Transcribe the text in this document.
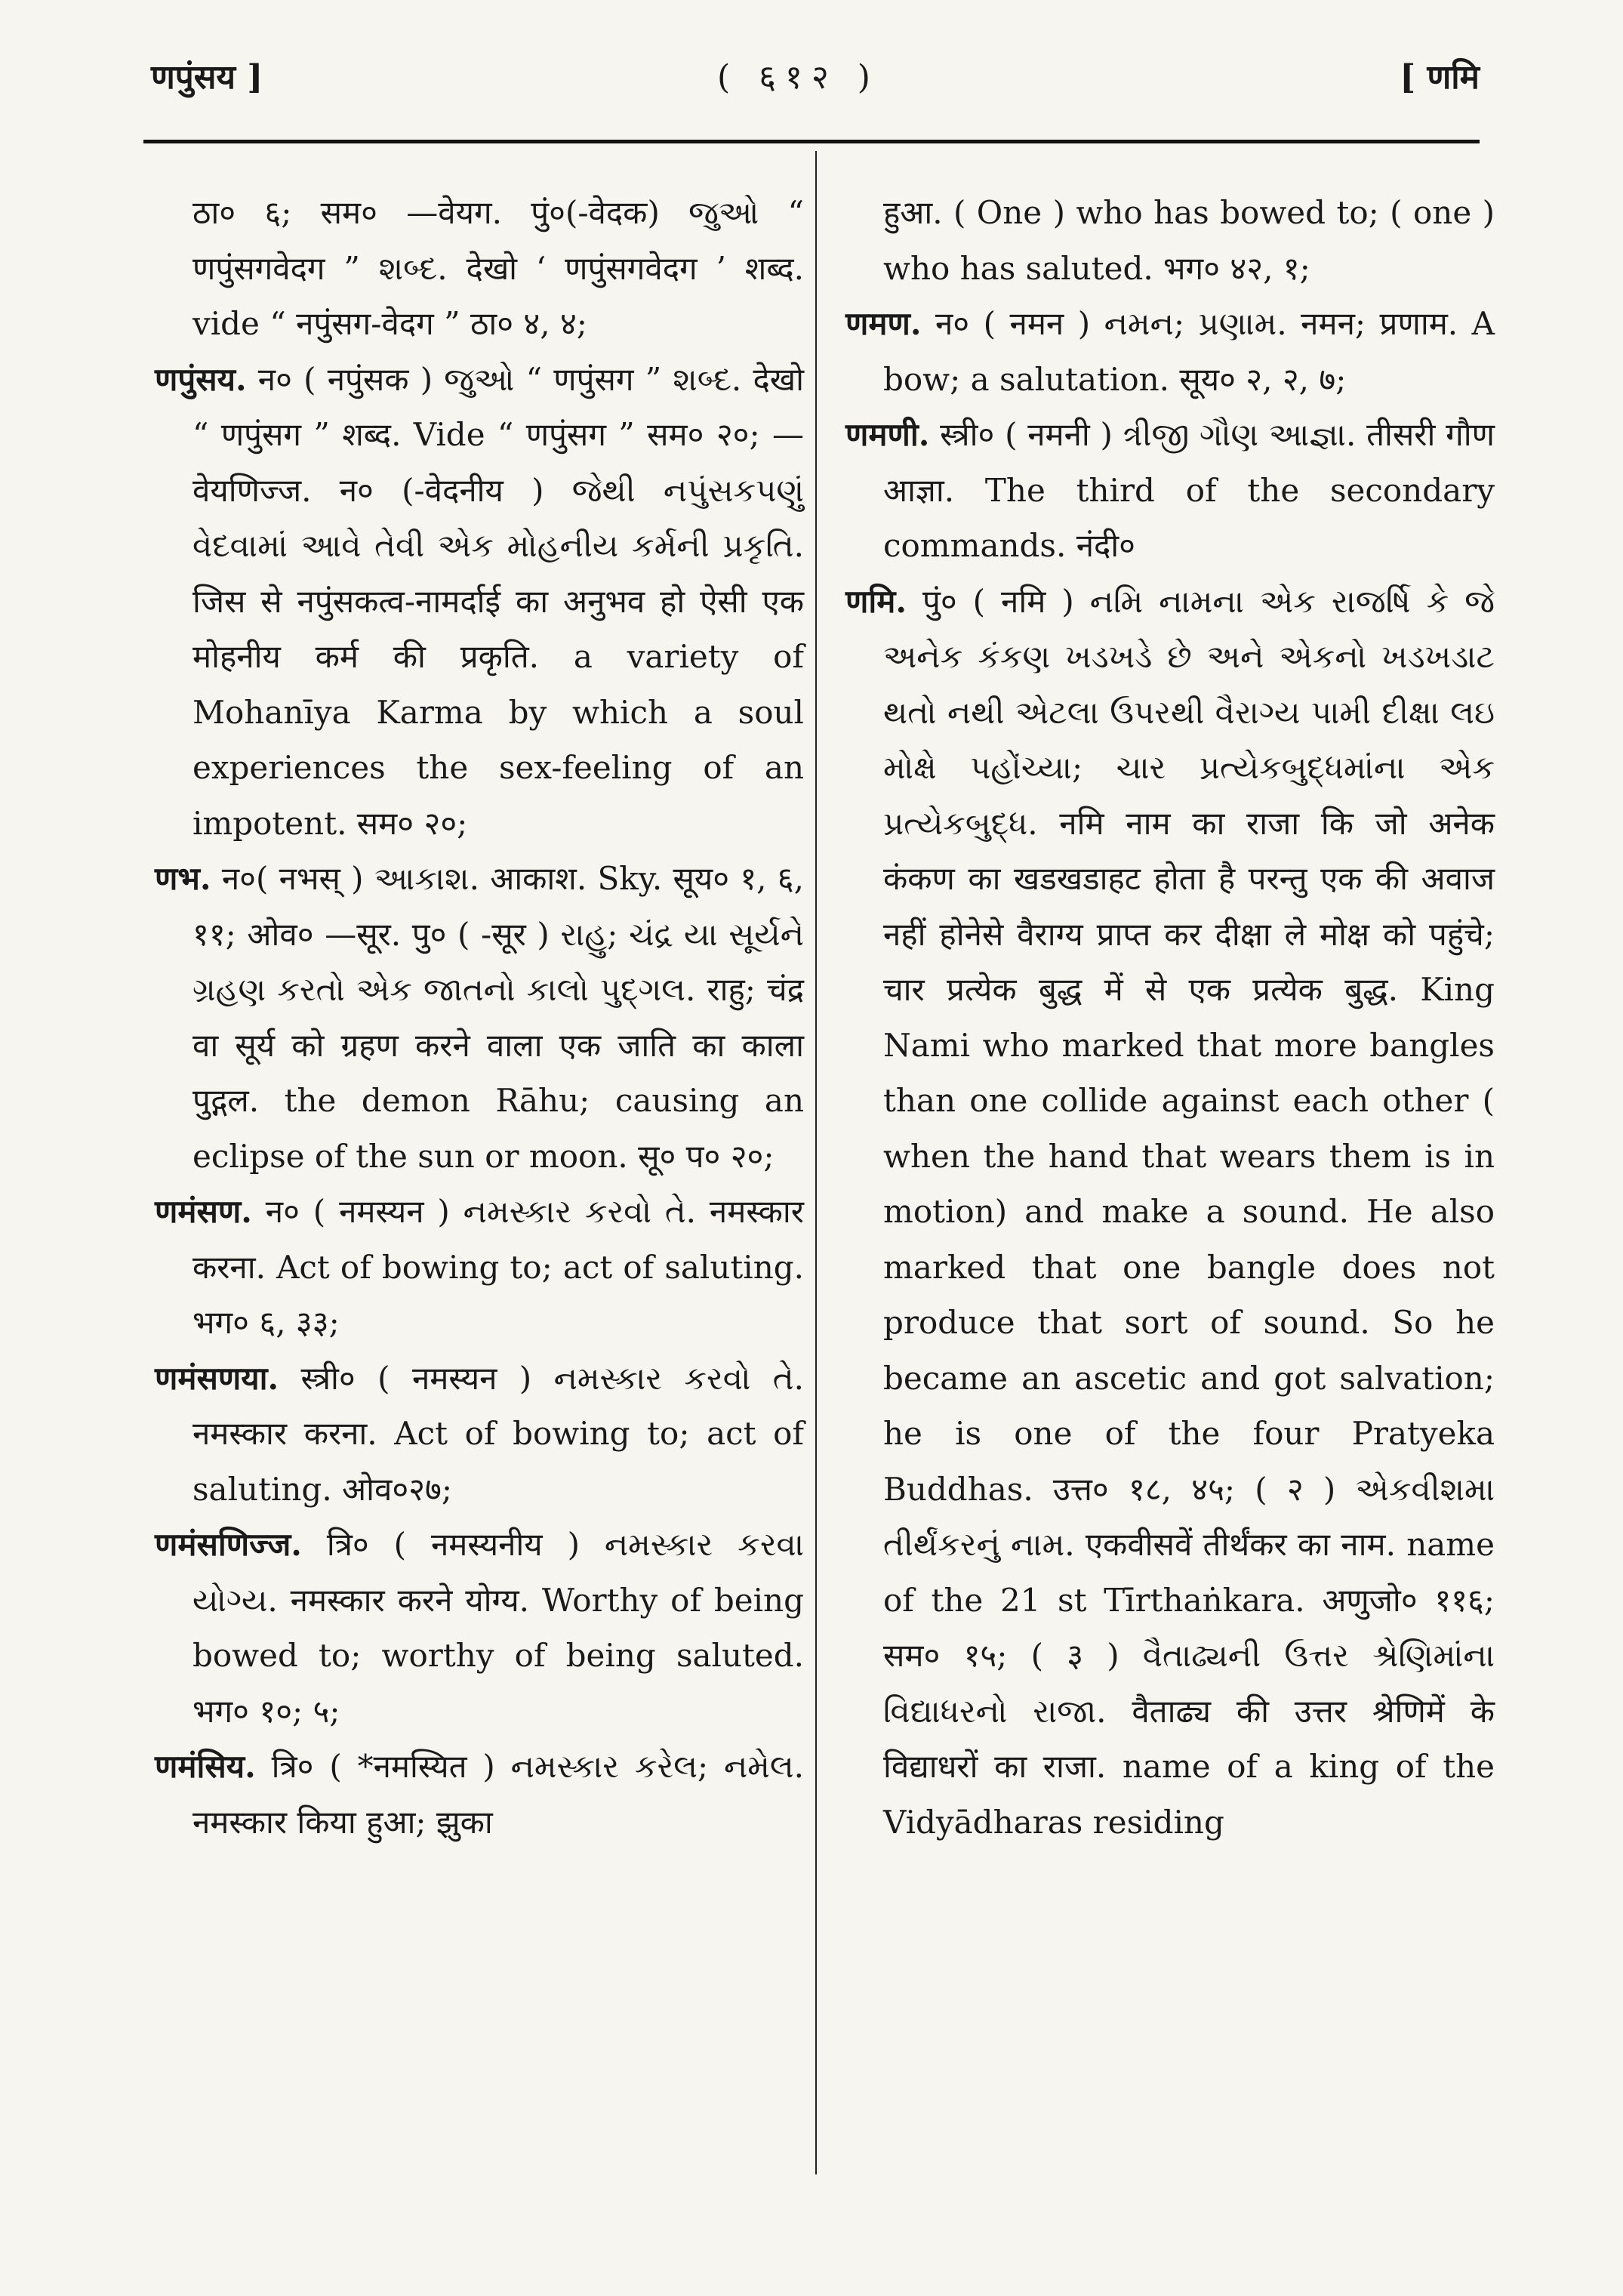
णपुंसय ]	( ६१२ )	[ णमि

ठा० ६; सम० —वेयग. पुं०(-वेदक) જુઓ “ णपुंसगवेदग ” શબ્દ. देखो ‘ णपुंसगवेदग ’ शब्द. vide “ नपुंसग-वेदग ” ठा० ४, ४;

णपुंसय. न० ( नपुंसक ) જુઓ “ णपुंसग ” શબ્દ. देखो “ णपुंसग ” शब्द. Vide “ णपुंसग ” सम० २०; —वेयणिज्ज. न० (-वेदनीय ) જેથી નપુંસકપણું વેદવામાં આવે તેવી એક મોહનીય કર્મની પ્રકૃતિ. जिस से नपुंसकत्व-नामर्दाई का अनुभव हो ऐसी एक मोहनीय कर्म की प्रकृति. a variety of Mohanīya Karma by which a soul experiences the sex-feeling of an impotent. सम० २०;

णभ. न०( नभस् ) આકાશ. आकाश. Sky. सूय० १, ६, ११; ओव० —सूर. पु० ( -सूर ) રાહુ; ચંદ્ર યા સૂર્યને ગ્રહણ કરતો એક જાતનો કાલો પુદ્ગલ. राहु; चंद्र वा सूर्य को ग्रहण करने वाला एक जाति का काला पुद्गल. the demon Rāhu; causing an eclipse of the sun or moon. सू० प० २०;

णमंसण. न० ( नमस्यन ) નમસ્કાર કરવો તે. नमस्कार करना. Act of bowing to; act of saluting. भग० ६, ३३;

णमंसणया. स्त्री० ( नमस्यन ) નમસ્કાર કરવો તે. नमस्कार करना. Act of bowing to; act of saluting. ओव०२७;

णमंसणिज्ज. त्रि० ( नमस्यनीय ) નમસ્કાર કરવા યોગ્ય. नमस्कार करने योग्य. Worthy of being bowed to; worthy of being saluted. भग० १०; ५;

णमंसिय. त्रि० ( *नमस्यित ) નમસ્કાર કરેલ; નમેલ. नमस्कार किया हुआ; झुका

हुआ. ( One ) who has bowed to; ( one ) who has saluted. भग० ४२, १;

णमण. न० ( नमन ) નમન; પ્રણામ. नमन; प्रणाम. A bow; a salutation. सूय० २, २, ७;

णमणी. स्त्री० ( नमनी ) ત્રીજી ગૌણ આજ્ઞા. तीसरी गौण आज्ञा. The third of the secondary commands. नंदी०

णमि. पुं० ( नमि ) નમિ નામના એક રાજર્ષિ કે જે અનેક કંકણ ખડખડે છે અને એકનો ખડખડાટ થતો નથી એટલા ઉપરથી વૈરાગ્ય પામી દીક્ષા લઇ મોક્ષે પહોંચ્યા; ચાર પ્રત્યેકબુદ્ધમાંના એક પ્રત્યેકબુદ્ધ. नमि नाम का राजा कि जो अनेक कंकण का खडखडाहट होता है परन्तु एक की अवाज नहीं होनेसे वैराग्य प्राप्त कर दीक्षा ले मोक्ष को पहुंचे; चार प्रत्येक बुद्ध में से एक प्रत्येक बुद्ध. King Nami who marked that more bangles than one collide against each other ( when the hand that wears them is in motion) and make a sound. He also marked that one bangle does not produce that sort of sound. So he became an ascetic and got salvation; he is one of the four Pratyeka Buddhas. उत्त० १८, ४५; ( २ ) એકવીશમા તીર્થંકરનું નામ. एकवीसवें तीर्थंकर का नाम. name of the 21 st Tīrthaṅkara. अणुजो० ११६; सम० १५; ( ३ ) વૈતાઢ્યની ઉત્તર શ્રેણિમાંના વિદ્યાધરનો રાજા. वैताढ्य की उत्तर श्रेणिमें के विद्याधरों का राजा. name of a king of the Vidyādharas residing
